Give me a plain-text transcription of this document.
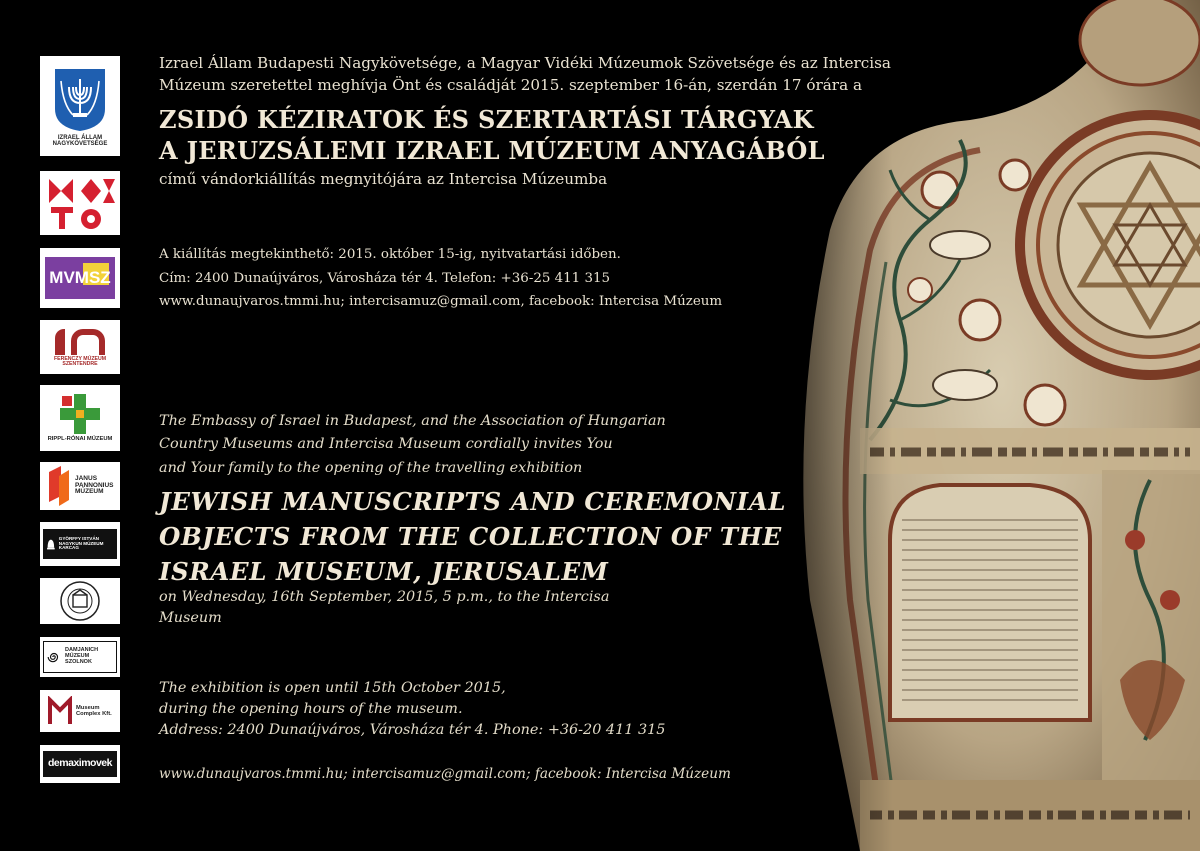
IZRAEL ÁLLAM NAGYKÖVETSÉGE
MVMSZ
FERENCZY MÚZEUM SZENTENDRE
RIPPL-RÓNAI MÚZEUM
JANUS PANNONIUS MÚZEUM
GYÖRFFY ISTVÁN NAGYKUN MÚZEUM KARCAG
DAMJANICH MÚZEUM SZOLNOK
Museum Complex Kft.
demaximovek
Izrael Állam Budapesti Nagykövetsége, a Magyar Vidéki Múzeumok Szövetsége és az Intercisa
Múzeum szeretettel meghívja Önt és családját 2015. szeptember 16-án, szerdán 17 órára a
ZSIDÓ KÉZIRATOK ÉS SZERTARTÁSI TÁRGYAK
A JERUZSÁLEMI IZRAEL MÚZEUM ANYAGÁBÓL
című vándorkiállítás megnyitójára az Intercisa Múzeumba
A kiállítás megtekinthető: 2015. október 15-ig, nyitvatartási időben.
Cím: 2400 Dunaújváros, Városháza tér 4. Telefon: +36-25 411 315
www.dunaujvaros.tmmi.hu; intercisamuz@gmail.com, facebook: Intercisa Múzeum
The Embassy of Israel in Budapest, and the Association of Hungarian
Country Museums and Intercisa Museum cordially invites You
and Your family to the opening of the travelling exhibition
JEWISH MANUSCRIPTS AND CEREMONIAL
OBJECTS FROM THE COLLECTION OF THE
ISRAEL MUSEUM, JERUSALEM
on Wednesday, 16th September, 2015, 5 p.m., to the Intercisa
Museum
The exhibition is open until 15th October 2015,
during the opening hours of the museum.
Address: 2400 Dunaújváros, Városháza tér 4. Phone: +36-20 411 315
www.dunaujvaros.tmmi.hu; intercisamuz@gmail.com; facebook: Intercisa Múzeum
